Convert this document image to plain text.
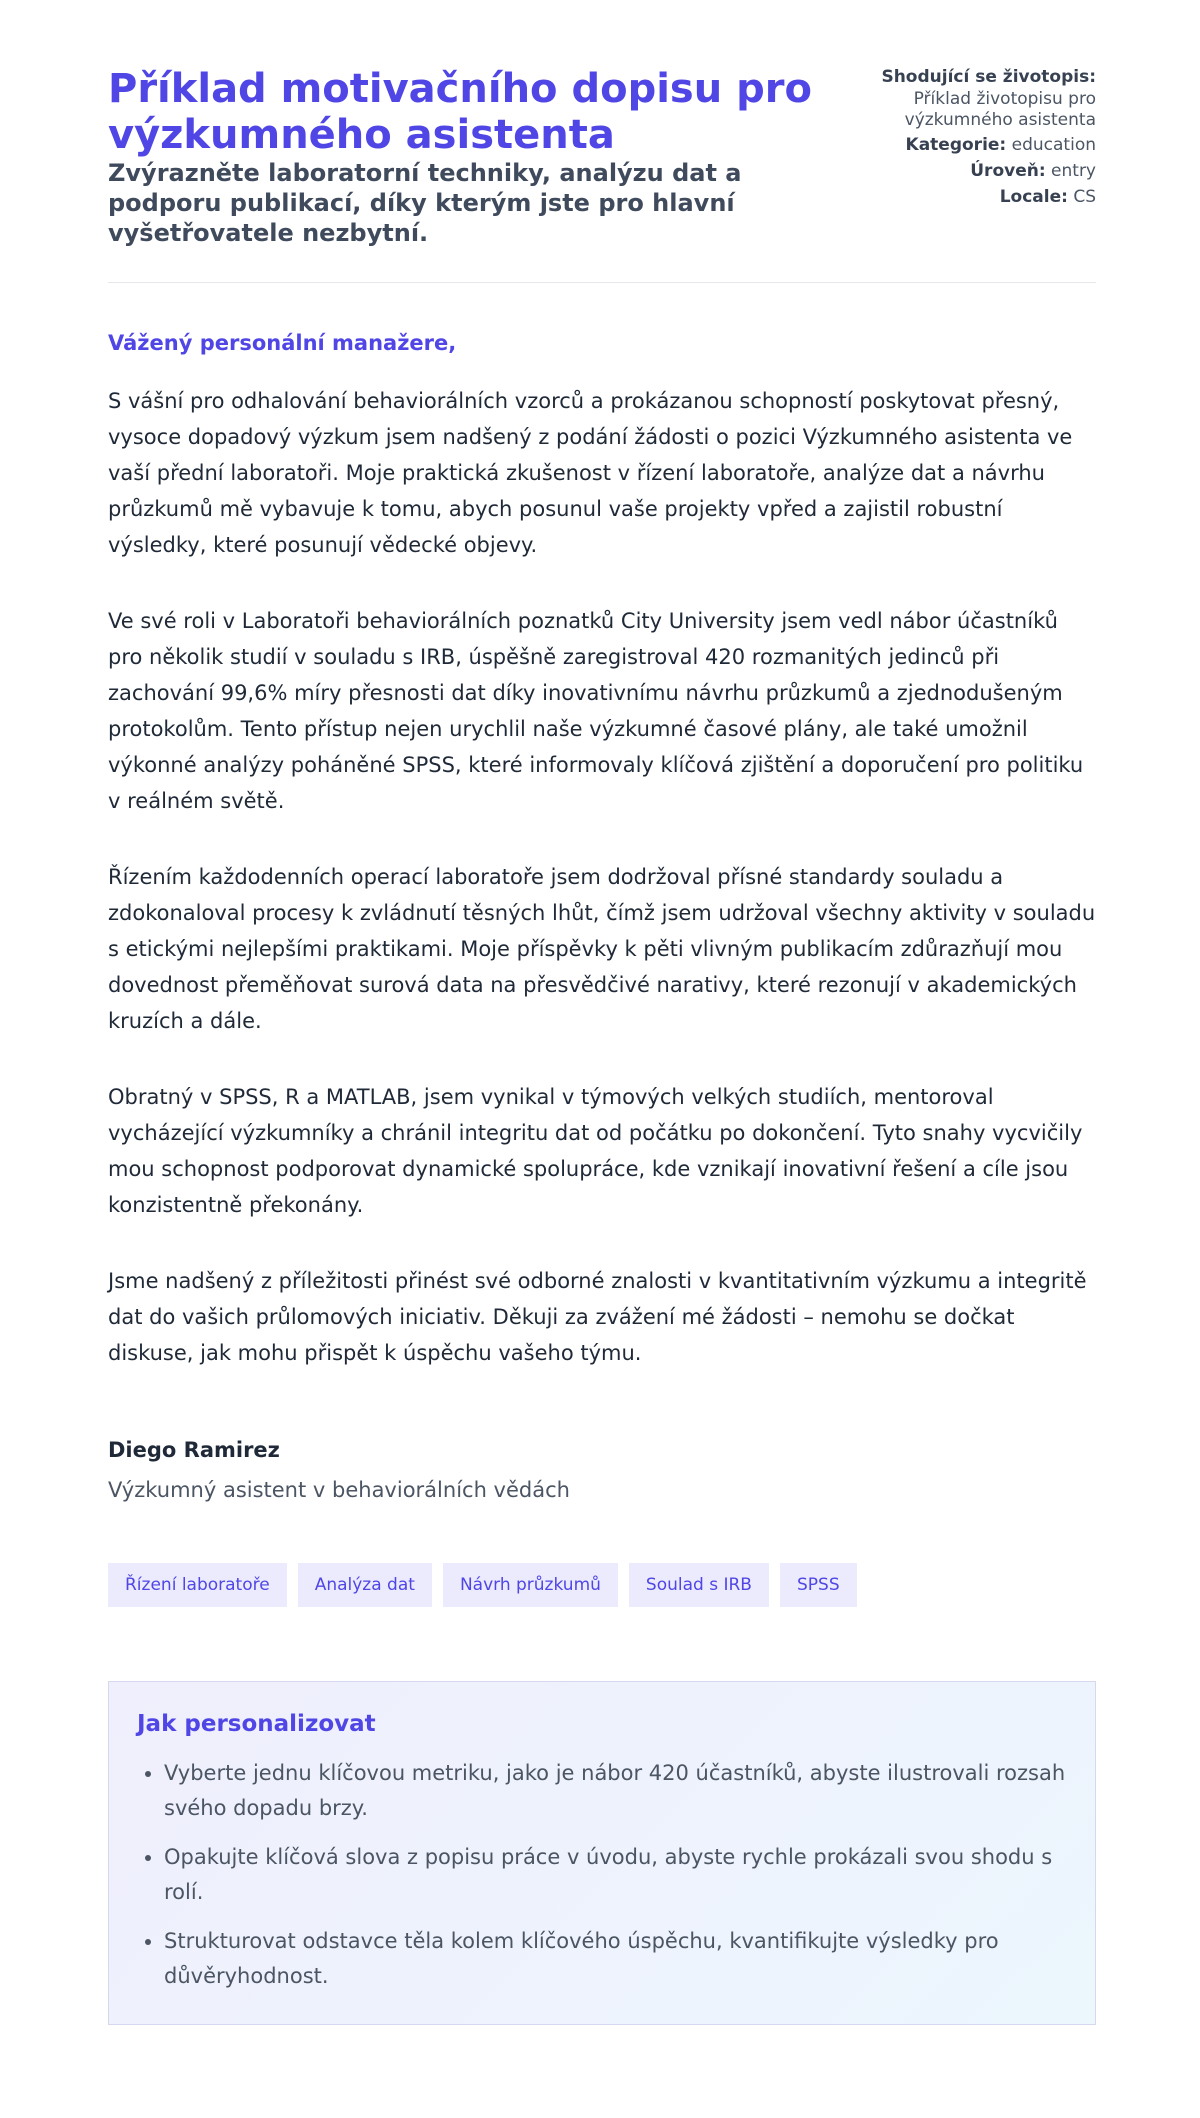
Příklad motivačního dopisu pro výzkumného asistenta

Zvýrazněte laboratorní techniky, analýzu dat a podporu publikací, díky kterým jste pro hlavní vyšetřovatele nezbytní.

Shodující se životopis:
Příklad životopisu pro výzkumného asistenta
Kategorie: education
Úroveň: entry
Locale: CS

Vážený personální manažere,

S vášní pro odhalování behaviorálních vzorců a prokázanou schopností poskytovat přesný, vysoce dopadový výzkum jsem nadšený z podání žádosti o pozici Výzkumného asistenta ve vaší přední laboratoři. Moje praktická zkušenost v řízení laboratoře, analýze dat a návrhu průzkumů mě vybavuje k tomu, abych posunul vaše projekty vpřed a zajistil robustní výsledky, které posunují vědecké objevy.

Ve své roli v Laboratoři behaviorálních poznatků City University jsem vedl nábor účastníků pro několik studií v souladu s IRB, úspěšně zaregistroval 420 rozmanitých jedinců při zachování 99,6% míry přesnosti dat díky inovativnímu návrhu průzkumů a zjednodušeným protokolům. Tento přístup nejen urychlil naše výzkumné časové plány, ale také umožnil výkonné analýzy poháněné SPSS, které informovaly klíčová zjištění a doporučení pro politiku v reálném světě.

Řízením každodenních operací laboratoře jsem dodržoval přísné standardy souladu a zdokonaloval procesy k zvládnutí těsných lhůt, čímž jsem udržoval všechny aktivity v souladu s etickými nejlepšími praktikami. Moje příspěvky k pěti vlivným publikacím zdůrazňují mou dovednost přeměňovat surová data na přesvědčivé narativy, které rezonují v akademických kruzích a dále.

Obratný v SPSS, R a MATLAB, jsem vynikal v týmových velkých studiích, mentoroval vycházející výzkumníky a chránil integritu dat od počátku po dokončení. Tyto snahy vycvičily mou schopnost podporovat dynamické spolupráce, kde vznikají inovativní řešení a cíle jsou konzistentně překonány.

Jsme nadšený z příležitosti přinést své odborné znalosti v kvantitativním výzkumu a integritě dat do vašich průlomových iniciativ. Děkuji za zvážení mé žádosti – nemohu se dočkat diskuse, jak mohu přispět k úspěchu vašeho týmu.

Diego Ramirez

Výzkumný asistent v behaviorálních vědách

Řízení laboratoře	Analýza dat	Návrh průzkumů	Soulad s IRB	SPSS
Jak personalizovat
• Vyberte jednu klíčovou metriku, jako je nábor 420 účastníků, abyste ilustrovali rozsah svého dopadu brzy.
• Opakujte klíčová slova z popisu práce v úvodu, abyste rychle prokázali svou shodu s rolí.
• Strukturovat odstavce těla kolem klíčového úspěchu, kvantifikujte výsledky pro důvěryhodnost.
